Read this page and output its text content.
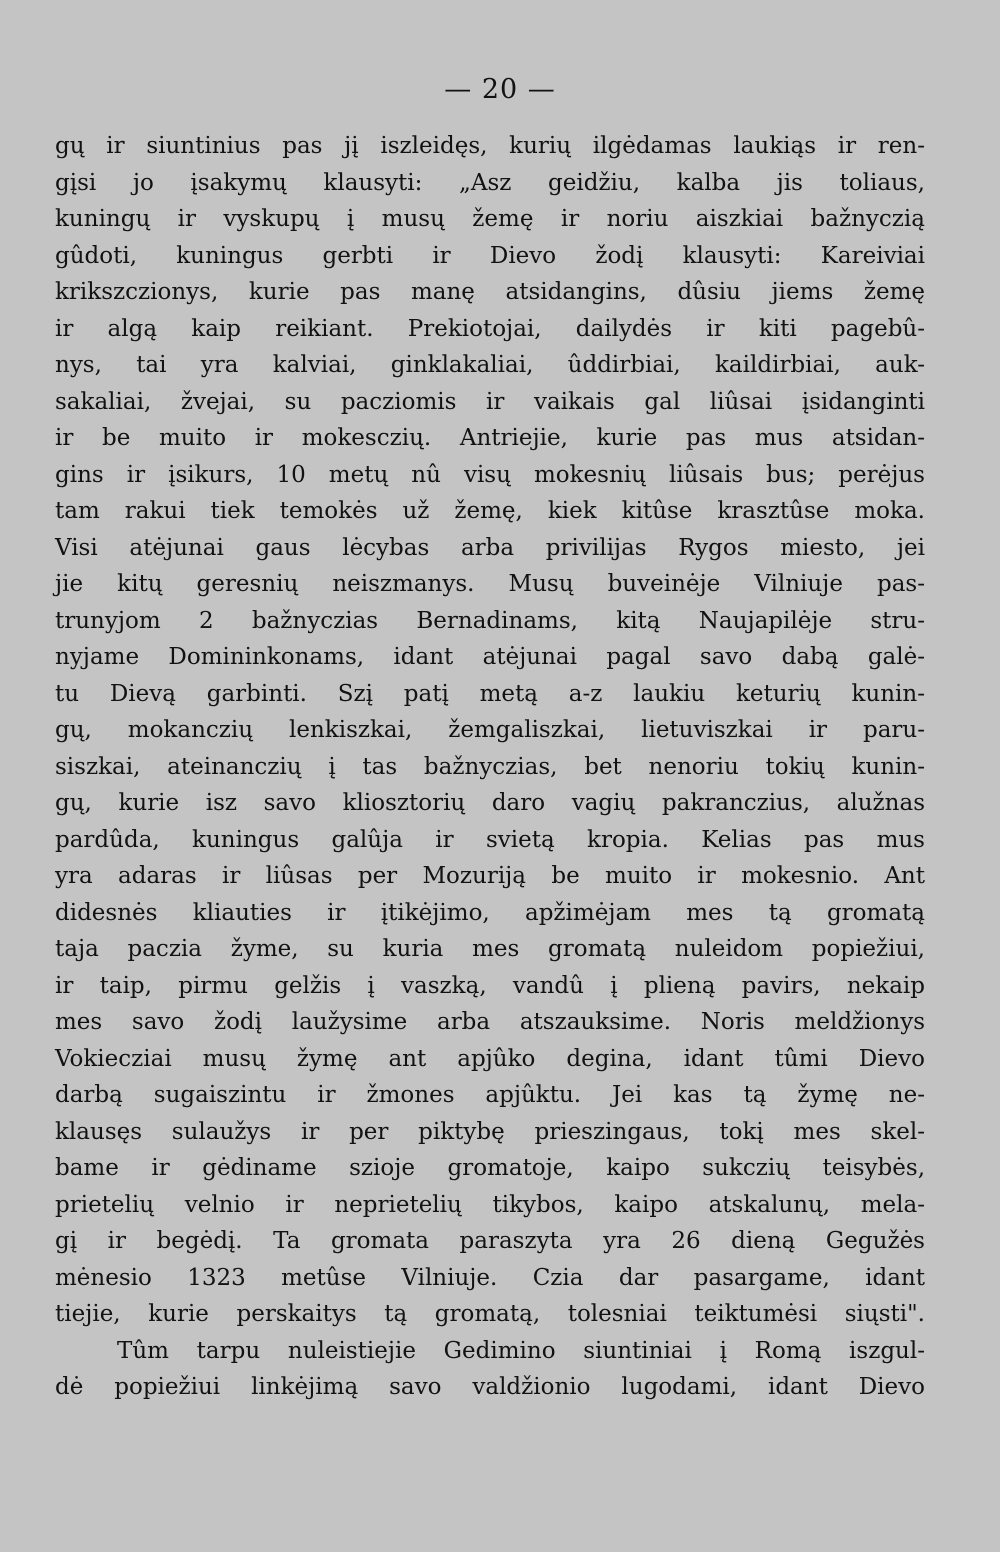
— 20 —
gų ir siuntinius pas jį iszleidęs, kurių ilgėdamas laukiąs ir ren-
gįsi jo įsakymų klausyti: „Asz geidžiu, kalba jis toliaus,
kuningų ir vyskupų į musų žemę ir noriu aiszkiai bažnyczią
gûdoti, kuningus gerbti ir Dievo žodį klausyti: Kareiviai
krikszczionys, kurie pas manę atsidangins, dûsiu jiems žemę
ir algą kaip reikiant. Prekiotojai, dailydės ir kiti pagebû-
nys, tai yra kalviai, ginklakaliai, ûddirbiai, kaildirbiai, auk-
sakaliai, žvejai, su pacziomis ir vaikais gal liûsai įsidanginti
ir be muito ir mokesczių. Antriejie, kurie pas mus atsidan-
gins ir įsikurs, 10 metų nû visų mokesnių liûsais bus; perėjus
tam rakui tiek temokės už žemę, kiek kitûse krasztûse moka.
Visi atėjunai gaus lėcybas arba privilijas Rygos miesto, jei
jie kitų geresnių neiszmanys. Musų buveinėje Vilniuje pas-
trunyjom 2 bažnyczias Bernadinams, kitą Naujapilėje stru-
nyjame Domininkonams, idant atėjunai pagal savo dabą galė-
tu Dievą garbinti. Szį patį metą a-z laukiu keturių kunin-
gų, mokanczių lenkiszkai, žemgaliszkai, lietuviszkai ir paru-
siszkai, ateinanczių į tas bažnyczias, bet nenoriu tokių kunin-
gų, kurie isz savo kliosztorių daro vagių pakranczius, alužnas
pardûda, kuningus galûja ir svietą kropia. Kelias pas mus
yra adaras ir liûsas per Mozuriją be muito ir mokesnio. Ant
didesnės kliauties ir įtikėjimo, apžimėjam mes tą gromatą
taja paczia žyme, su kuria mes gromatą nuleidom popiežiui,
ir taip, pirmu gelžis į vaszką, vandû į plieną pavirs, nekaip
mes savo žodį laužysime arba atszauksime. Noris meldžionys
Vokiecziai musų žymę ant apjûko degina, idant tûmi Dievo
darbą sugaiszintu ir žmones apjûktu. Jei kas tą žymę ne-
klausęs sulaužys ir per piktybę prieszingaus, tokį mes skel-
bame ir gėdiname szioje gromatoje, kaipo sukczių teisybės,
prietelių velnio ir neprietelių tikybos, kaipo atskalunų, mela-
gį ir begėdį. Ta gromata paraszyta yra 26 dieną Gegužės
mėnesio 1323 metûse Vilniuje. Czia dar pasargame, idant
tiejie, kurie perskaitys tą gromatą, tolesniai teiktumėsi siųsti".
Tûm tarpu nuleistiejie Gedimino siuntiniai į Romą iszgul-
dė popiežiui linkėjimą savo valdžionio lugodami, idant Dievo
